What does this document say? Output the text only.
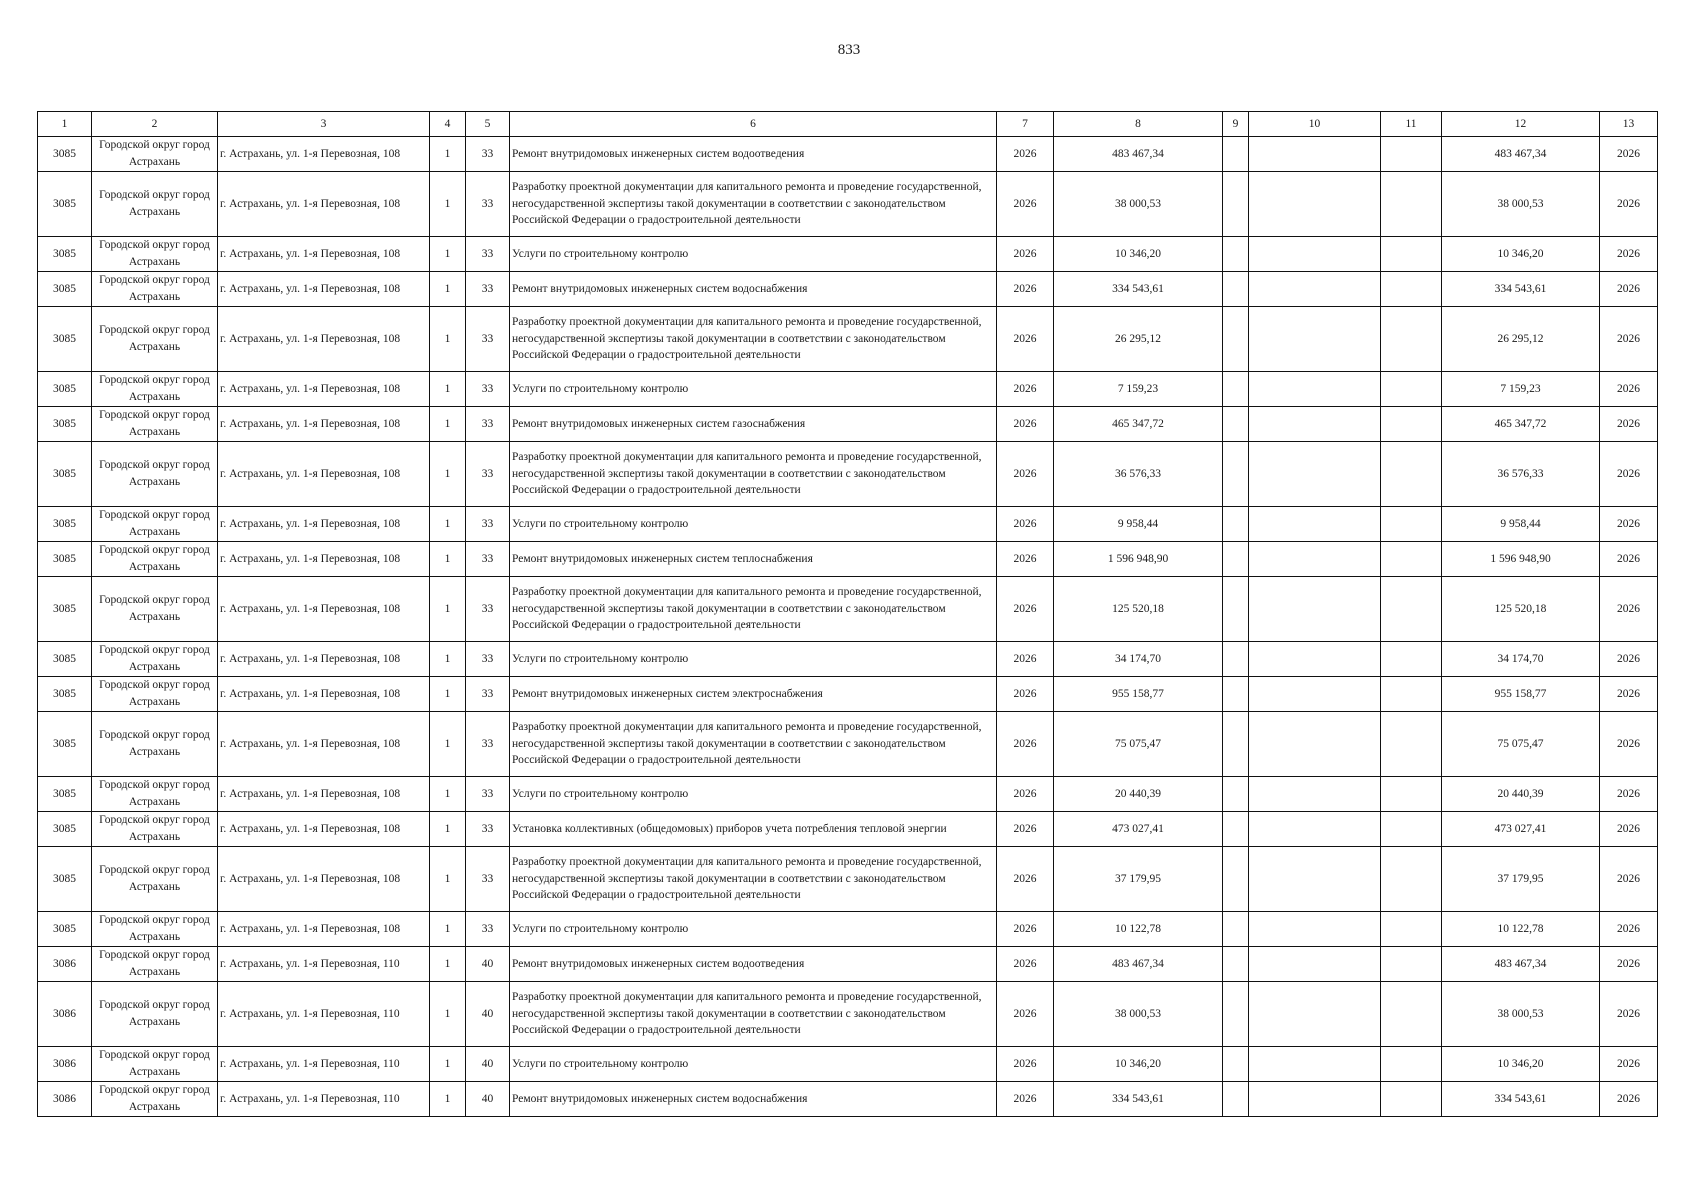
833
1	2	3	4	5	6	7	8	9	10	11	12	13
3085	Городской округ город Астрахань	г. Астрахань, ул. 1-я Перевозная, 108	1	33	Ремонт внутридомовых инженерных систем водоотведения	2026	483 467,34				483 467,34	2026
3085	Городской округ город Астрахань	г. Астрахань, ул. 1-я Перевозная, 108	1	33	Разработку проектной документации для капитального ремонта и проведение государственной, негосударственной экспертизы такой документации в соответствии с законодательством Российской Федерации о градостроительной деятельности	2026	38 000,53				38 000,53	2026
3085	Городской округ город Астрахань	г. Астрахань, ул. 1-я Перевозная, 108	1	33	Услуги по строительному контролю	2026	10 346,20				10 346,20	2026
3085	Городской округ город Астрахань	г. Астрахань, ул. 1-я Перевозная, 108	1	33	Ремонт внутридомовых инженерных систем водоснабжения	2026	334 543,61				334 543,61	2026
3085	Городской округ город Астрахань	г. Астрахань, ул. 1-я Перевозная, 108	1	33	Разработку проектной документации для капитального ремонта и проведение государственной, негосударственной экспертизы такой документации в соответствии с законодательством Российской Федерации о градостроительной деятельности	2026	26 295,12				26 295,12	2026
3085	Городской округ город Астрахань	г. Астрахань, ул. 1-я Перевозная, 108	1	33	Услуги по строительному контролю	2026	7 159,23				7 159,23	2026
3085	Городской округ город Астрахань	г. Астрахань, ул. 1-я Перевозная, 108	1	33	Ремонт внутридомовых инженерных систем газоснабжения	2026	465 347,72				465 347,72	2026
3085	Городской округ город Астрахань	г. Астрахань, ул. 1-я Перевозная, 108	1	33	Разработку проектной документации для капитального ремонта и проведение государственной, негосударственной экспертизы такой документации в соответствии с законодательством Российской Федерации о градостроительной деятельности	2026	36 576,33				36 576,33	2026
3085	Городской округ город Астрахань	г. Астрахань, ул. 1-я Перевозная, 108	1	33	Услуги по строительному контролю	2026	9 958,44				9 958,44	2026
3085	Городской округ город Астрахань	г. Астрахань, ул. 1-я Перевозная, 108	1	33	Ремонт внутридомовых инженерных систем теплоснабжения	2026	1 596 948,90				1 596 948,90	2026
3085	Городской округ город Астрахань	г. Астрахань, ул. 1-я Перевозная, 108	1	33	Разработку проектной документации для капитального ремонта и проведение государственной, негосударственной экспертизы такой документации в соответствии с законодательством Российской Федерации о градостроительной деятельности	2026	125 520,18				125 520,18	2026
3085	Городской округ город Астрахань	г. Астрахань, ул. 1-я Перевозная, 108	1	33	Услуги по строительному контролю	2026	34 174,70				34 174,70	2026
3085	Городской округ город Астрахань	г. Астрахань, ул. 1-я Перевозная, 108	1	33	Ремонт внутридомовых инженерных систем электроснабжения	2026	955 158,77				955 158,77	2026
3085	Городской округ город Астрахань	г. Астрахань, ул. 1-я Перевозная, 108	1	33	Разработку проектной документации для капитального ремонта и проведение государственной, негосударственной экспертизы такой документации в соответствии с законодательством Российской Федерации о градостроительной деятельности	2026	75 075,47				75 075,47	2026
3085	Городской округ город Астрахань	г. Астрахань, ул. 1-я Перевозная, 108	1	33	Услуги по строительному контролю	2026	20 440,39				20 440,39	2026
3085	Городской округ город Астрахань	г. Астрахань, ул. 1-я Перевозная, 108	1	33	Установка коллективных (общедомовых) приборов учета потребления тепловой энергии	2026	473 027,41				473 027,41	2026
3085	Городской округ город Астрахань	г. Астрахань, ул. 1-я Перевозная, 108	1	33	Разработку проектной документации для капитального ремонта и проведение государственной, негосударственной экспертизы такой документации в соответствии с законодательством Российской Федерации о градостроительной деятельности	2026	37 179,95				37 179,95	2026
3085	Городской округ город Астрахань	г. Астрахань, ул. 1-я Перевозная, 108	1	33	Услуги по строительному контролю	2026	10 122,78				10 122,78	2026
3086	Городской округ город Астрахань	г. Астрахань, ул. 1-я Перевозная, 110	1	40	Ремонт внутридомовых инженерных систем водоотведения	2026	483 467,34				483 467,34	2026
3086	Городской округ город Астрахань	г. Астрахань, ул. 1-я Перевозная, 110	1	40	Разработку проектной документации для капитального ремонта и проведение государственной, негосударственной экспертизы такой документации в соответствии с законодательством Российской Федерации о градостроительной деятельности	2026	38 000,53				38 000,53	2026
3086	Городской округ город Астрахань	г. Астрахань, ул. 1-я Перевозная, 110	1	40	Услуги по строительному контролю	2026	10 346,20				10 346,20	2026
3086	Городской округ город Астрахань	г. Астрахань, ул. 1-я Перевозная, 110	1	40	Ремонт внутридомовых инженерных систем водоснабжения	2026	334 543,61				334 543,61	2026
